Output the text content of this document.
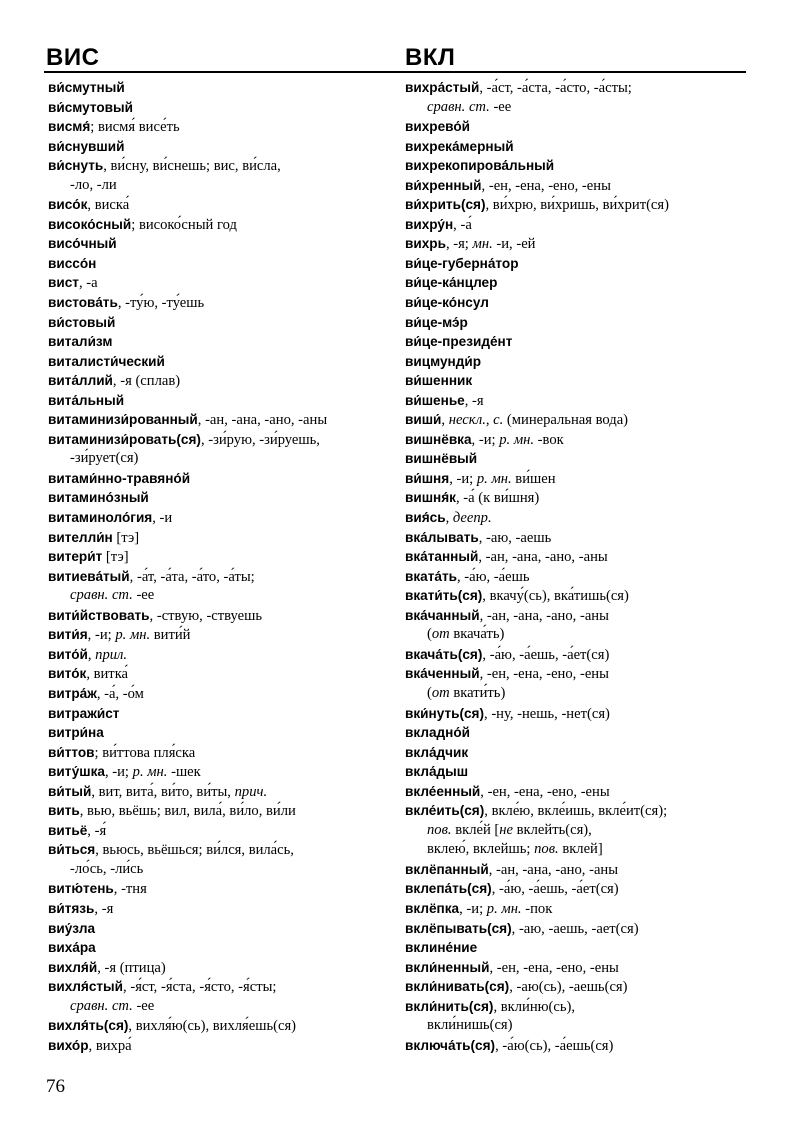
ВИС	ВКЛ
ви́смутный
ви́смутовый
висмя́; висмя́ висе́ть
ви́снувший
ви́снуть, ви́сну, ви́снешь; вис, ви́сла,
-ло, -ли
висо́к, виска́
високо́сный; високо́сный год
висо́чный
виссо́н
вист, -а
вистова́ть, -ту́ю, -ту́ешь
ви́стовый
витали́зм
виталисти́ческий
вита́ллий, -я (сплав)
вита́льный
витаминизи́рованный, -ан, -ана, -ано, -аны
витаминизи́ровать(ся), -зи́рую, -зи́руешь,
-зи́рует(ся)
витами́нно-травяно́й
витамино́зный
витаминоло́гия, -и
вителли́н [тэ]
витери́т [тэ]
витиева́тый, -а́т, -а́та, -а́то, -а́ты;
сравн. ст. -ее
вити́йствовать, -ствую, -ствуешь
вити́я, -и; р. мн. вити́й
вито́й, прил.
вито́к, витка́
витра́ж, -а́, -о́м
витражи́ст
витри́на
ви́ттов; ви́ттова пля́ска
виту́шка, -и; р. мн. -шек
ви́тый, вит, вита́, ви́то, ви́ты, прич.
вить, вью, вьёшь; вил, вила́, ви́ло, ви́ли
витьё, -я́
ви́ться, вьюсь, вьёшься; ви́лся, вила́сь,
-ло́сь, -ли́сь
витю́тень, -тня
ви́тязь, -я
виу́зла
виха́ра
вихля́й, -я (птица)
вихля́стый, -я́ст, -я́ста, -я́сто, -я́сты;
сравн. ст. -ее
вихля́ть(ся), вихля́ю(сь), вихля́ешь(ся)
вихо́р, вихра́
вихра́стый, -а́ст, -а́ста, -а́сто, -а́сты;
сравн. ст. -ее
вихрево́й
вихрека́мерный
вихрекопирова́льный
ви́хренный, -ен, -ена, -ено, -ены
ви́хрить(ся), ви́хрю, ви́хришь, ви́хрит(ся)
вихру́н, -а́
вихрь, -я; мн. -и, -ей
ви́це-губерна́тор
ви́це-ка́нцлер
ви́це-ко́нсул
ви́це-мэ́р
ви́це-президе́нт
вицмунди́р
ви́шенник
ви́шенье, -я
виши́, нескл., с. (минеральная вода)
вишнёвка, -и; р. мн. -вок
вишнёвый
ви́шня, -и; р. мн. ви́шен
вишня́к, -а́ (к ви́шня)
вия́сь, деепр.
вка́лывать, -аю, -аешь
вка́танный, -ан, -ана, -ано, -аны
вката́ть, -а́ю, -а́ешь
вкати́ть(ся), вкачу́(сь), вка́тишь(ся)
вка́чанный, -ан, -ана, -ано, -аны
(от вкача́ть)
вкача́ть(ся), -а́ю, -а́ешь, -а́ет(ся)
вка́ченный, -ен, -ена, -ено, -ены
(от вкати́ть)
вки́нуть(ся), -ну, -нешь, -нет(ся)
вкладно́й
вкла́дчик
вкла́дыш
вкле́енный, -ен, -ена, -ено, -ены
вкле́ить(ся), вкле́ю, вкле́ишь, вкле́ит(ся);
пов. вкле́й [не вклейть(ся),
вклею́, вклейшь; пов. вклей]
вклёпанный, -ан, -ана, -ано, -аны
вклепа́ть(ся), -а́ю, -а́ешь, -а́ет(ся)
вклёпка, -и; р. мн. -пок
вклёпывать(ся), -аю, -аешь, -ает(ся)
вклине́ние
вкли́ненный, -ен, -ена, -ено, -ены
вкли́нивать(ся), -аю(сь), -аешь(ся)
вкли́нить(ся), вкли́ню(сь),
вкли́нишь(ся)
включа́ть(ся), -а́ю(сь), -а́ешь(ся)
76
